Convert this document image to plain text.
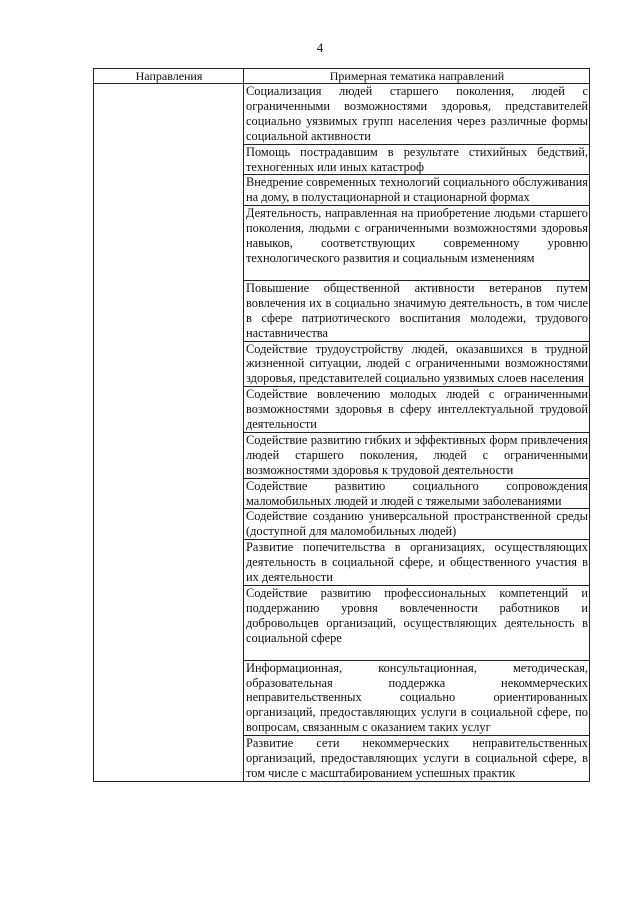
4
Направления	Примерная тематика направлений
	Социализация людей старшего поколения, людей с ограниченными возможностями здоровья, представителей социально уязвимых групп населения через различные формы социальной активности
	Помощь пострадавшим в результате стихийных бедствий, техногенных или иных катастроф
	Внедрение современных технологий социального обслуживания на дому, в полустационарной и стационарной формах
	Деятельность, направленная на приобретение людьми старшего поколения, людьми с ограниченными возможностями здоровья навыков, соответствующих современному уровню технологического развития и социальным изменениям
	Повышение общественной активности ветеранов путем вовлечения их в социально значимую деятельность, в том числе в сфере патриотического воспитания молодежи, трудового наставничества
	Содействие трудоустройству людей, оказавшихся в трудной жизненной ситуации, людей с ограниченными возможностями здоровья, представителей социально уязвимых слоев населения
	Содействие вовлечению молодых людей с ограниченными возможностями здоровья в сферу интеллектуальной трудовой деятельности
	Содействие развитию гибких и эффективных форм привлечения людей старшего поколения, людей с ограниченными возможностями здоровья к трудовой деятельности
	Содействие развитию социального сопровождения маломобильных людей и людей с тяжелыми заболеваниями
	Содействие созданию универсальной пространственной среды (доступной для маломобильных людей)
	Развитие попечительства в организациях, осуществляющих деятельность в социальной сфере, и общественного участия в их деятельности
	Содействие развитию профессиональных компетенций и поддержанию уровня вовлеченности работников и добровольцев организаций, осуществляющих деятельность в социальной сфере
	Информационная, консультационная, методическая, образовательная поддержка некоммерческих неправительственных социально ориентированных организаций, предоставляющих услуги в социальной сфере, по вопросам, связанным с оказанием таких услуг
	Развитие сети некоммерческих неправительственных организаций, предоставляющих услуги в социальной сфере, в том числе с масштабированием успешных практик
